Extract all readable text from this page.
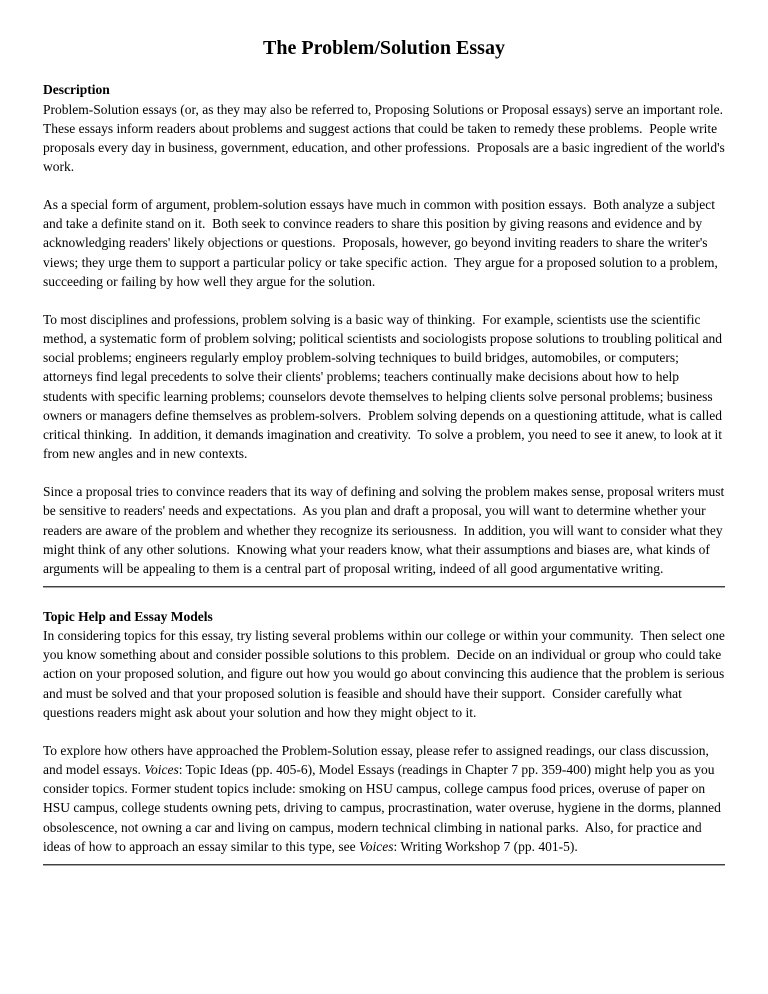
The Problem/Solution Essay

Description

Problem-Solution essays (or, as they may also be referred to, Proposing Solutions or Proposal essays) serve an important role.  These essays inform readers about problems and suggest actions that could be taken to remedy these problems.  People write proposals every day in business, government, education, and other professions.  Proposals are a basic ingredient of the world's work.

As a special form of argument, problem-solution essays have much in common with position essays.  Both analyze a subject and take a definite stand on it.  Both seek to convince readers to share this position by giving reasons and evidence and by acknowledging readers' likely objections or questions.  Proposals, however, go beyond inviting readers to share the writer's views; they urge them to support a particular policy or take specific action.  They argue for a proposed solution to a problem, succeeding or failing by how well they argue for the solution.

To most disciplines and professions, problem solving is a basic way of thinking.  For example, scientists use the scientific method, a systematic form of problem solving; political scientists and sociologists propose solutions to troubling political and social problems; engineers regularly employ problem-solving techniques to build bridges, automobiles, or computers; attorneys find legal precedents to solve their clients' problems; teachers continually make decisions about how to help students with specific learning problems; counselors devote themselves to helping clients solve personal problems; business owners or managers define themselves as problem-solvers.  Problem solving depends on a questioning attitude, what is called critical thinking.  In addition, it demands imagination and creativity.  To solve a problem, you need to see it anew, to look at it from new angles and in new contexts.

Since a proposal tries to convince readers that its way of defining and solving the problem makes sense, proposal writers must be sensitive to readers' needs and expectations.  As you plan and draft a proposal, you will want to determine whether your readers are aware of the problem and whether they recognize its seriousness.  In addition, you will want to consider what they might think of any other solutions.  Knowing what your readers know, what their assumptions and biases are, what kinds of arguments will be appealing to them is a central part of proposal writing, indeed of all good argumentative writing.

Topic Help and Essay Models

In considering topics for this essay, try listing several problems within our college or within your community.  Then select one you know something about and consider possible solutions to this problem.  Decide on an individual or group who could take action on your proposed solution, and figure out how you would go about convincing this audience that the problem is serious and must be solved and that your proposed solution is feasible and should have their support.  Consider carefully what questions readers might ask about your solution and how they might object to it.

To explore how others have approached the Problem-Solution essay, please refer to assigned readings, our class discussion, and model essays. Voices: Topic Ideas (pp. 405-6), Model Essays (readings in Chapter 7 pp. 359-400) might help you as you consider topics. Former student topics include: smoking on HSU campus, college campus food prices, overuse of paper on HSU campus, college students owning pets, driving to campus, procrastination, water overuse, hygiene in the dorms, planned obsolescence, not owning a car and living on campus, modern technical climbing in national parks.  Also, for practice and ideas of how to approach an essay similar to this type, see Voices: Writing Workshop 7 (pp. 401-5).
